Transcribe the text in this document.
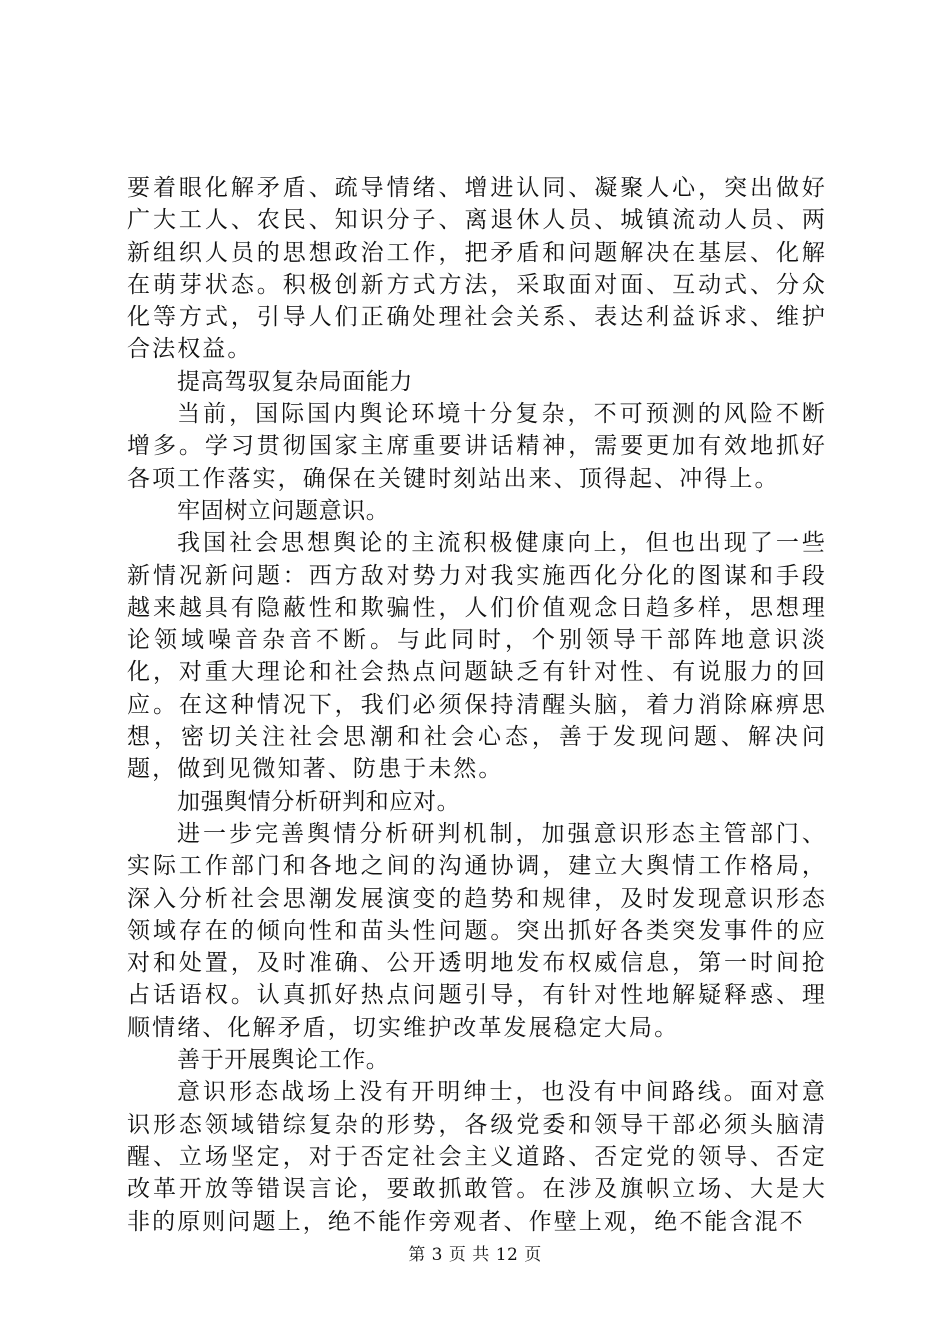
要着眼化解矛盾、疏导情绪、增进认同、凝聚人心，突出做好广大工人、农民、知识分子、离退休人员、城镇流动人员、两新组织人员的思想政治工作，把矛盾和问题解决在基层、化解在萌芽状态。积极创新方式方法，采取面对面、互动式、分众化等方式，引导人们正确处理社会关系、表达利益诉求、维护合法权益。

提高驾驭复杂局面能力

当前，国际国内舆论环境十分复杂，不可预测的风险不断增多。学习贯彻国家主席重要讲话精神，需要更加有效地抓好各项工作落实，确保在关键时刻站出来、顶得起、冲得上。

牢固树立问题意识。

我国社会思想舆论的主流积极健康向上，但也出现了一些新情况新问题：西方敌对势力对我实施西化分化的图谋和手段越来越具有隐蔽性和欺骗性，人们价值观念日趋多样，思想理论领域噪音杂音不断。与此同时，个别领导干部阵地意识淡化，对重大理论和社会热点问题缺乏有针对性、有说服力的回应。在这种情况下，我们必须保持清醒头脑，着力消除麻痹思想，密切关注社会思潮和社会心态，善于发现问题、解决问题，做到见微知著、防患于未然。

加强舆情分析研判和应对。

进一步完善舆情分析研判机制，加强意识形态主管部门、实际工作部门和各地之间的沟通协调，建立大舆情工作格局，深入分析社会思潮发展演变的趋势和规律，及时发现意识形态领域存在的倾向性和苗头性问题。突出抓好各类突发事件的应对和处置，及时准确、公开透明地发布权威信息，第一时间抢占话语权。认真抓好热点问题引导，有针对性地解疑释惑、理顺情绪、化解矛盾，切实维护改革发展稳定大局。

善于开展舆论工作。

意识形态战场上没有开明绅士，也没有中间路线。面对意识形态领域错综复杂的形势，各级党委和领导干部必须头脑清醒、立场坚定，对于否定社会主义道路、否定党的领导、否定改革开放等错误言论，要敢抓敢管。在涉及旗帜立场、大是大非的原则问题上，绝不能作旁观者、作壁上观，绝不能含混不

第 3 页 共 12 页
